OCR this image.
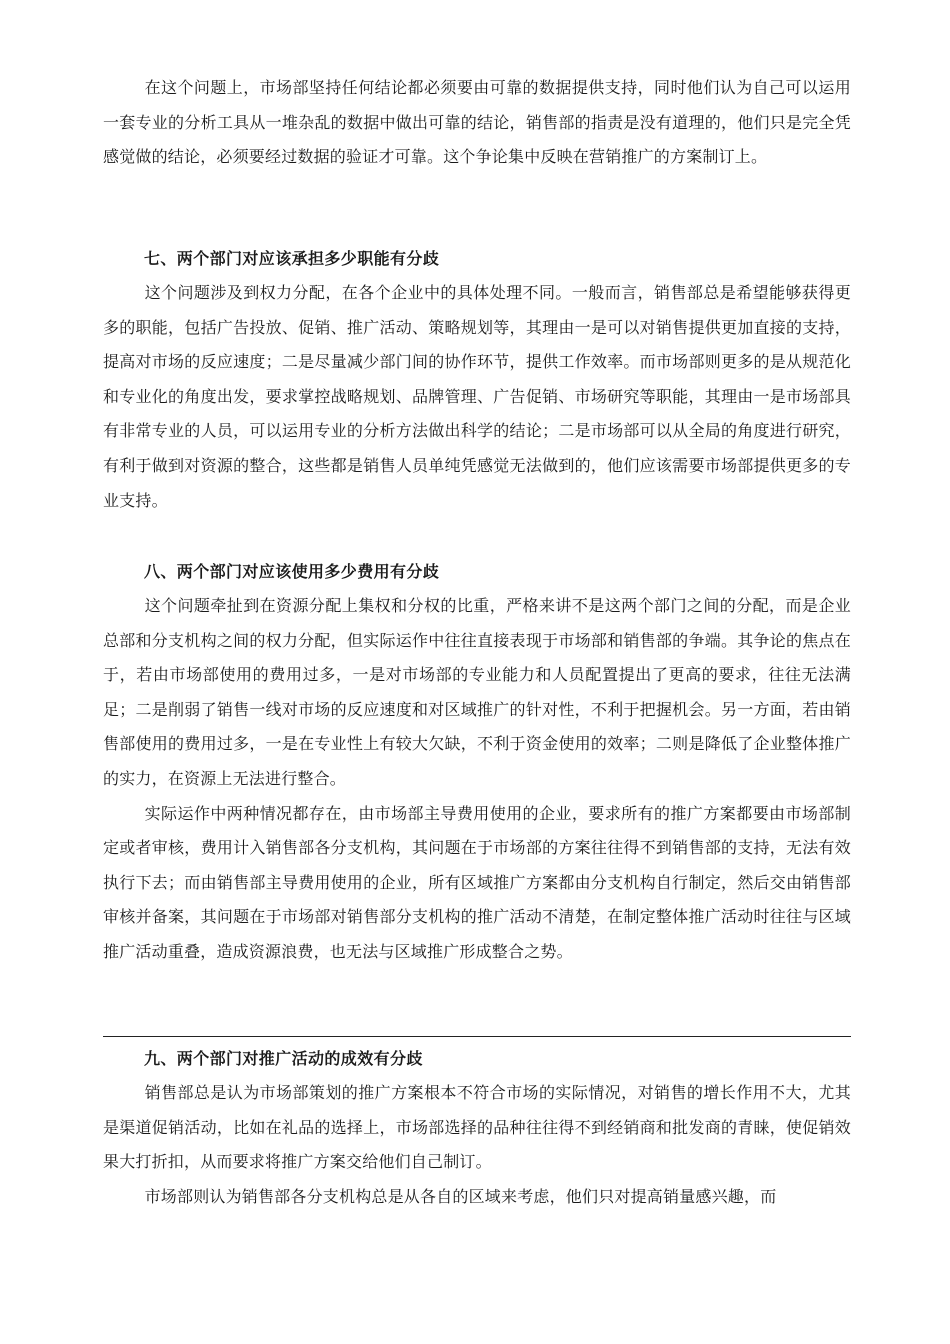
在这个问题上，市场部坚持任何结论都必须要由可靠的数据提供支持，同时他们认为自己可以运用一套专业的分析工具从一堆杂乱的数据中做出可靠的结论，销售部的指责是没有道理的，他们只是完全凭感觉做的结论，必须要经过数据的验证才可靠。这个争论集中反映在营销推广的方案制订上。

七、两个部门对应该承担多少职能有分歧

这个问题涉及到权力分配，在各个企业中的具体处理不同。一般而言，销售部总是希望能够获得更多的职能，包括广告投放、促销、推广活动、策略规划等，其理由一是可以对销售提供更加直接的支持，提高对市场的反应速度；二是尽量减少部门间的协作环节，提供工作效率。而市场部则更多的是从规范化和专业化的角度出发，要求掌控战略规划、品牌管理、广告促销、市场研究等职能，其理由一是市场部具有非常专业的人员，可以运用专业的分析方法做出科学的结论；二是市场部可以从全局的角度进行研究，有利于做到对资源的整合，这些都是销售人员单纯凭感觉无法做到的，他们应该需要市场部提供更多的专业支持。

八、两个部门对应该使用多少费用有分歧

这个问题牵扯到在资源分配上集权和分权的比重，严格来讲不是这两个部门之间的分配，而是企业总部和分支机构之间的权力分配，但实际运作中往往直接表现于市场部和销售部的争端。其争论的焦点在于，若由市场部使用的费用过多，一是对市场部的专业能力和人员配置提出了更高的要求，往往无法满足；二是削弱了销售一线对市场的反应速度和对区域推广的针对性，不利于把握机会。另一方面，若由销售部使用的费用过多，一是在专业性上有较大欠缺，不利于资金使用的效率；二则是降低了企业整体推广的实力，在资源上无法进行整合。

实际运作中两种情况都存在，由市场部主导费用使用的企业，要求所有的推广方案都要由市场部制定或者审核，费用计入销售部各分支机构，其问题在于市场部的方案往往得不到销售部的支持，无法有效执行下去；而由销售部主导费用使用的企业，所有区域推广方案都由分支机构自行制定，然后交由销售部审核并备案，其问题在于市场部对销售部分支机构的推广活动不清楚，在制定整体推广活动时往往与区域推广活动重叠，造成资源浪费，也无法与区域推广形成整合之势。

九、两个部门对推广活动的成效有分歧

销售部总是认为市场部策划的推广方案根本不符合市场的实际情况，对销售的增长作用不大，尤其是渠道促销活动，比如在礼品的选择上，市场部选择的品种往往得不到经销商和批发商的青睐，使促销效果大打折扣，从而要求将推广方案交给他们自己制订。

市场部则认为销售部各分支机构总是从各自的区域来考虑，他们只对提高销量感兴趣，而
